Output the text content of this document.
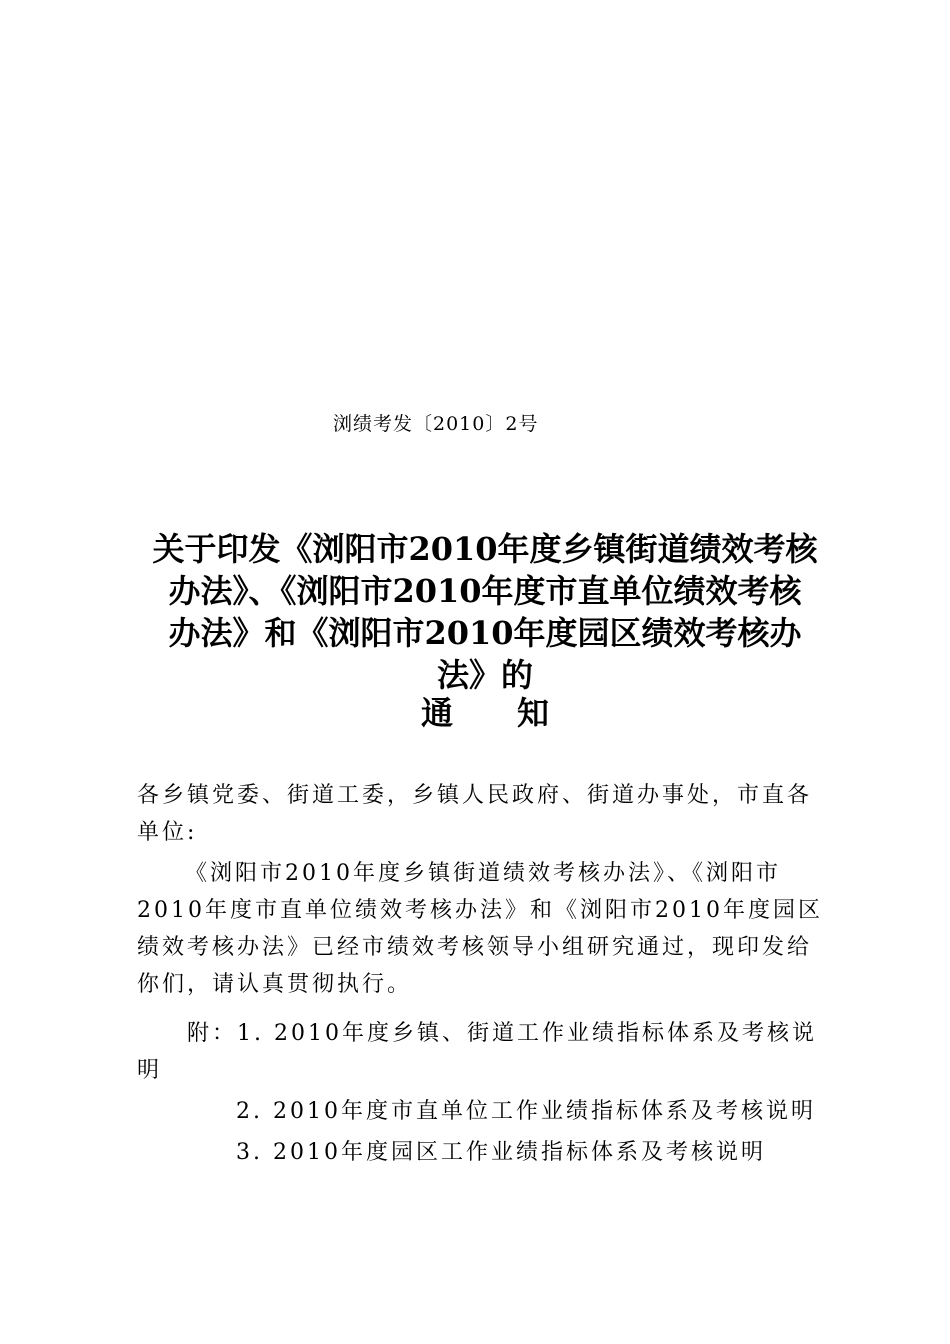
浏绩考发〔2010〕2号
关于印发《浏阳市2010年度乡镇街道绩效考核
办法》、《浏阳市2010年度市直单位绩效考核
办法》和《浏阳市2010年度园区绩效考核办
法》的
通知
各乡镇党委、街道工委，乡镇人民政府、街道办事处，市直各
单位:
《浏阳市2010年度乡镇街道绩效考核办法》、《浏阳市
2010年度市直单位绩效考核办法》和《浏阳市2010年度园区
绩效考核办法》已经市绩效考核领导小组研究通过，现印发给
你们，请认真贯彻执行。
附：1. 2010年度乡镇、街道工作业绩指标体系及考核说
明
2. 2010年度市直单位工作业绩指标体系及考核说明
3. 2010年度园区工作业绩指标体系及考核说明
